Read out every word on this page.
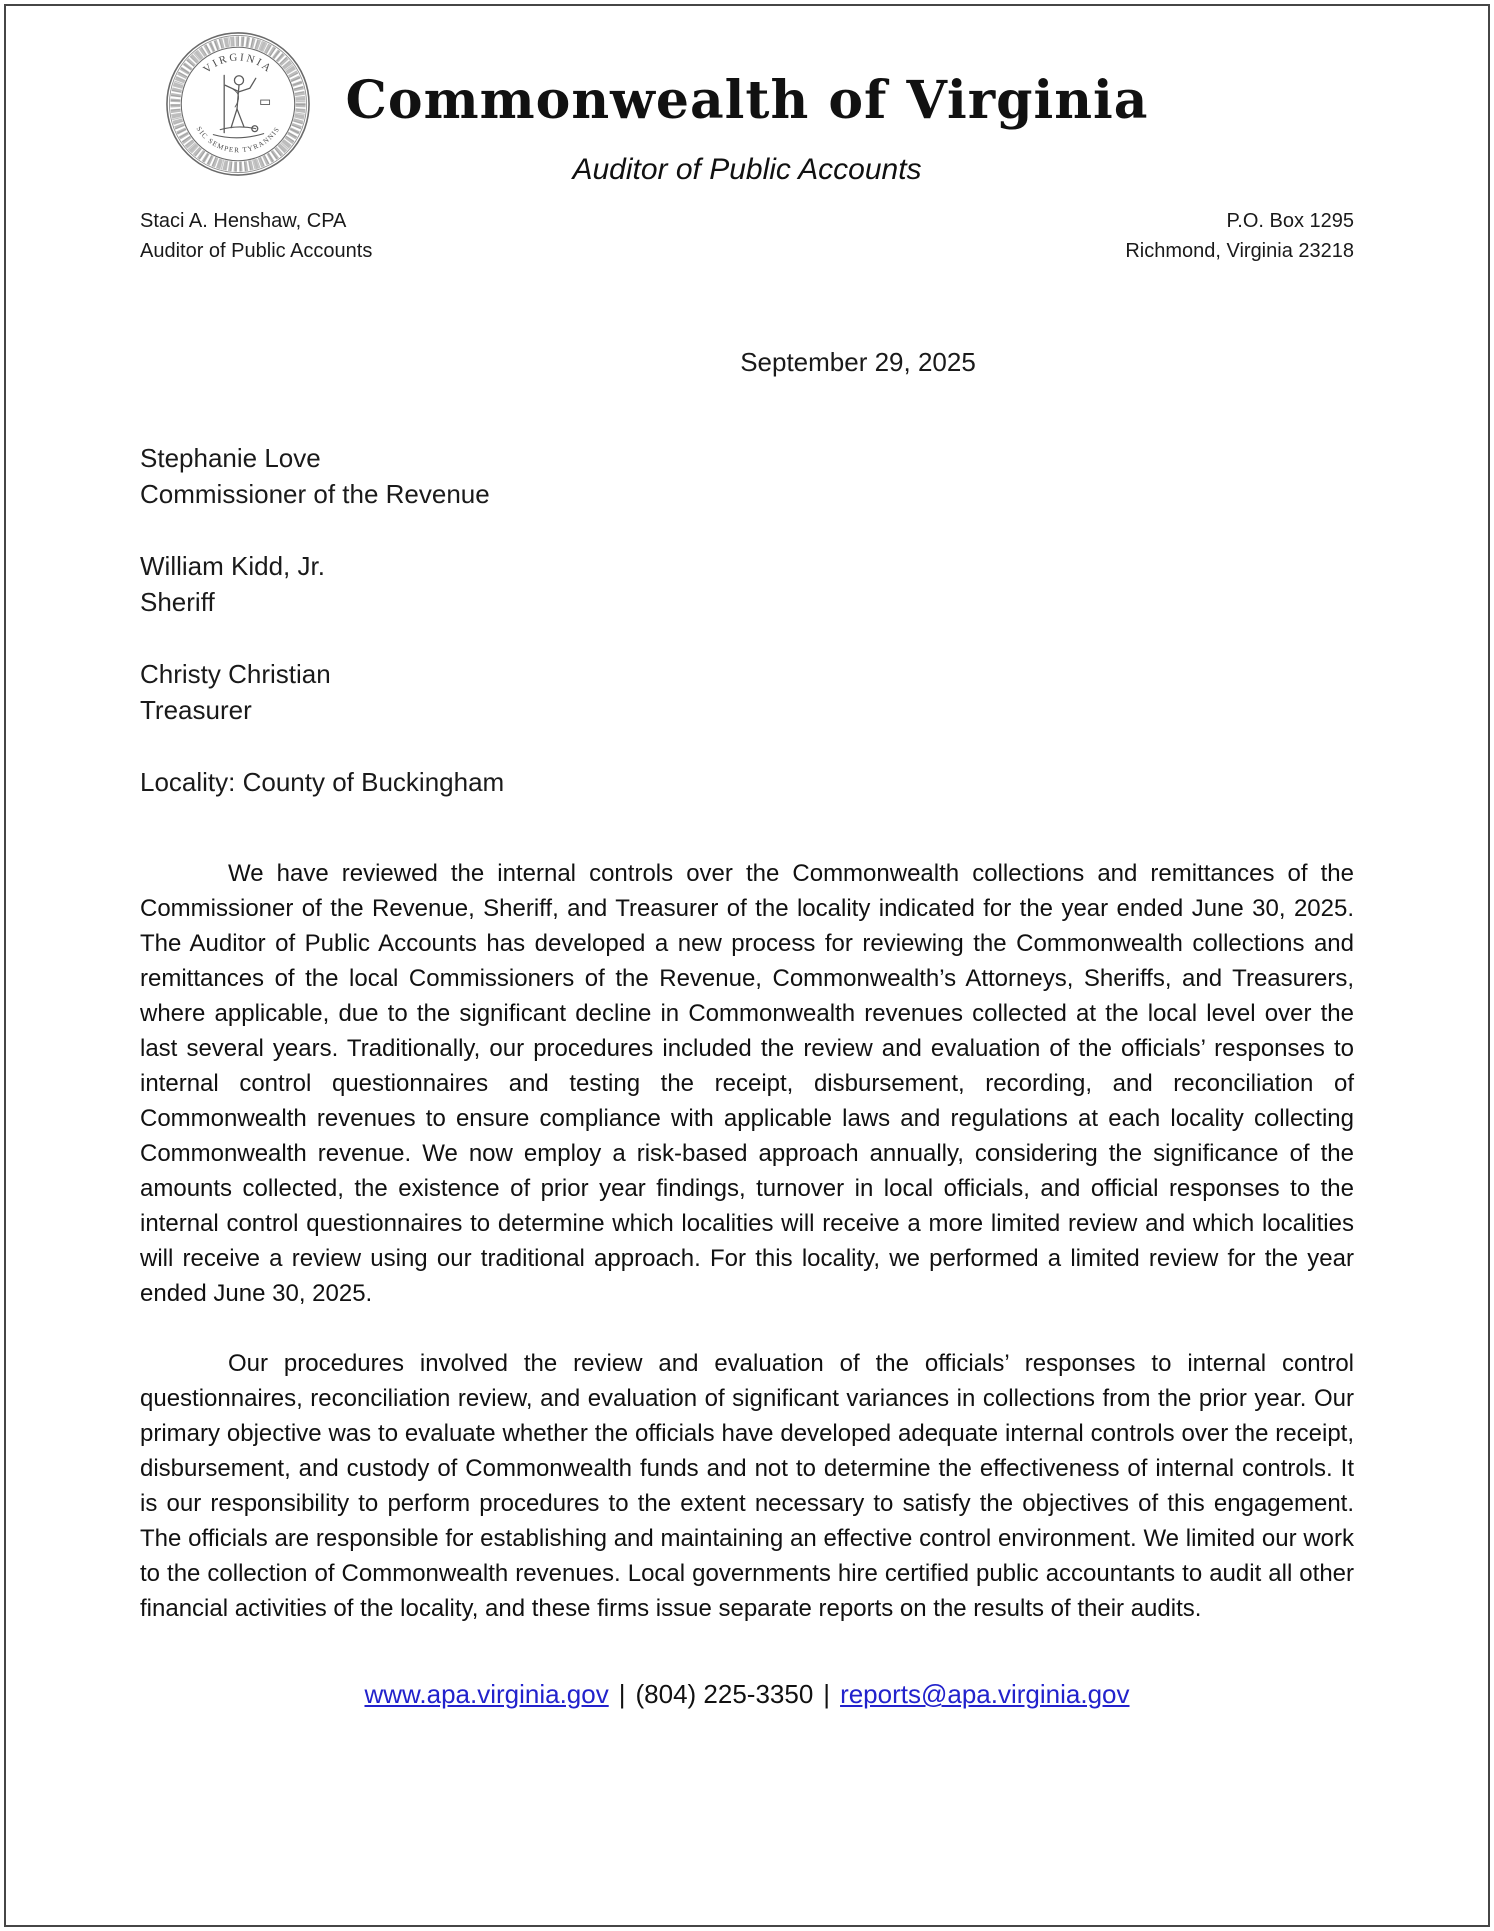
VIRGINIA
SIC SEMPER TYRANNIS	Commonwealth of Virginia
Auditor of Public Accounts
Staci A. Henshaw, CPA
Auditor of Public Accounts
P.O. Box 1295
Richmond, Virginia 23218
September 29, 2025
Stephanie Love
Commissioner of the Revenue
William Kidd, Jr.
Sheriff
Christy Christian
Treasurer
Locality: County of Buckingham

We have reviewed the internal controls over the Commonwealth collections and remittances of the Commissioner of the Revenue, Sheriff, and Treasurer of the locality indicated for the year ended June 30, 2025. The Auditor of Public Accounts has developed a new process for reviewing the Commonwealth collections and remittances of the local Commissioners of the Revenue, Commonwealth’s Attorneys, Sheriffs, and Treasurers, where applicable, due to the significant decline in Commonwealth revenues collected at the local level over the last several years. Traditionally, our procedures included the review and evaluation of the officials’ responses to internal control questionnaires and testing the receipt, disbursement, recording, and reconciliation of Commonwealth revenues to ensure compliance with applicable laws and regulations at each locality collecting Commonwealth revenue. We now employ a risk-based approach annually, considering the significance of the amounts collected, the existence of prior year findings, turnover in local officials, and official responses to the internal control questionnaires to determine which localities will receive a more limited review and which localities will receive a review using our traditional approach. For this locality, we performed a limited review for the year ended June 30, 2025.

Our procedures involved the review and evaluation of the officials’ responses to internal control questionnaires, reconciliation review, and evaluation of significant variances in collections from the prior year. Our primary objective was to evaluate whether the officials have developed adequate internal controls over the receipt, disbursement, and custody of Commonwealth funds and not to determine the effectiveness of internal controls. It is our responsibility to perform procedures to the extent necessary to satisfy the objectives of this engagement. The officials are responsible for establishing and maintaining an effective control environment. We limited our work to the collection of Commonwealth revenues. Local governments hire certified public accountants to audit all other financial activities of the locality, and these firms issue separate reports on the results of their audits.

www.apa.virginia.gov | (804) 225-3350 | reports@apa.virginia.gov
